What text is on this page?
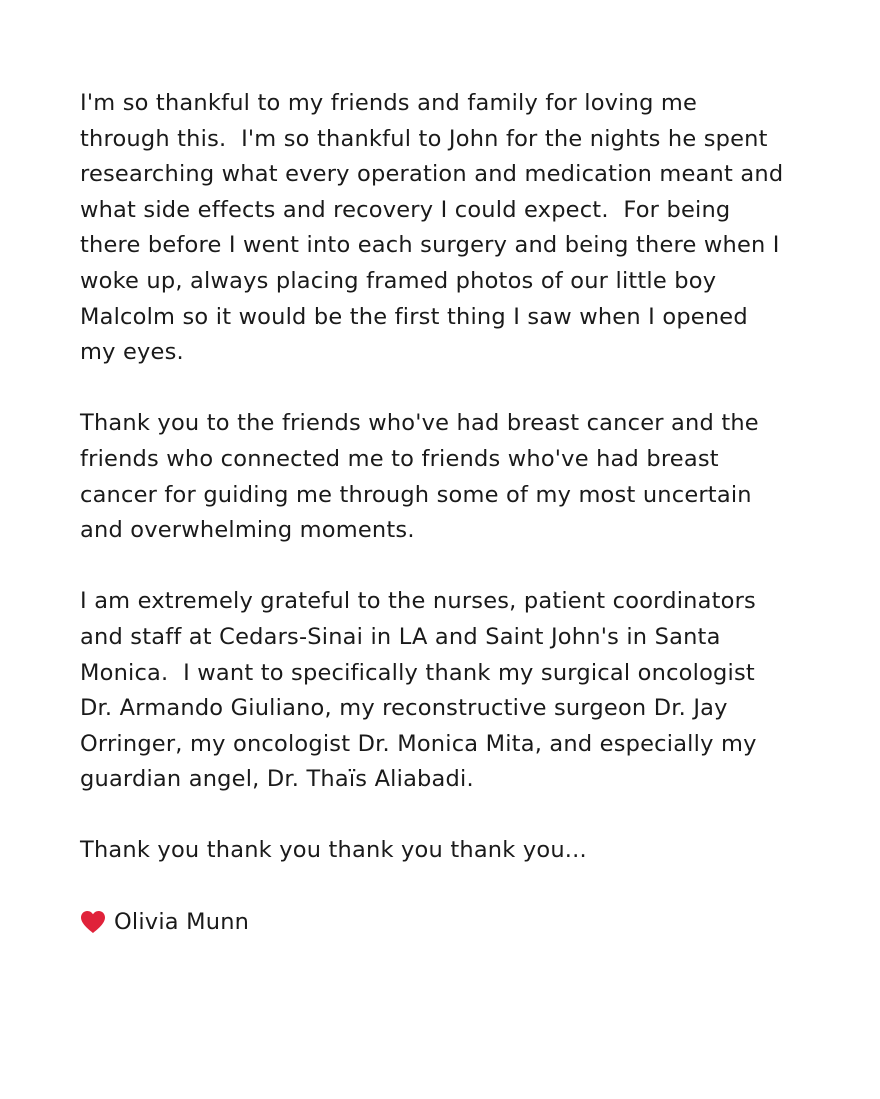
I'm so thankful to my friends and family for loving me
through this.  I'm so thankful to John for the nights he spent
researching what every operation and medication meant and
what side effects and recovery I could expect.  For being
there before I went into each surgery and being there when I
woke up, always placing framed photos of our little boy
Malcolm so it would be the first thing I saw when I opened
my eyes.
Thank you to the friends who've had breast cancer and the
friends who connected me to friends who've had breast
cancer for guiding me through some of my most uncertain
and overwhelming moments.
I am extremely grateful to the nurses, patient coordinators
and staff at Cedars-Sinai in LA and Saint John's in Santa
Monica.  I want to specifically thank my surgical oncologist
Dr. Armando Giuliano, my reconstructive surgeon Dr. Jay
Orringer, my oncologist Dr. Monica Mita, and especially my
guardian angel, Dr. Thaïs Aliabadi.
Thank you thank you thank you thank you...
Olivia Munn
